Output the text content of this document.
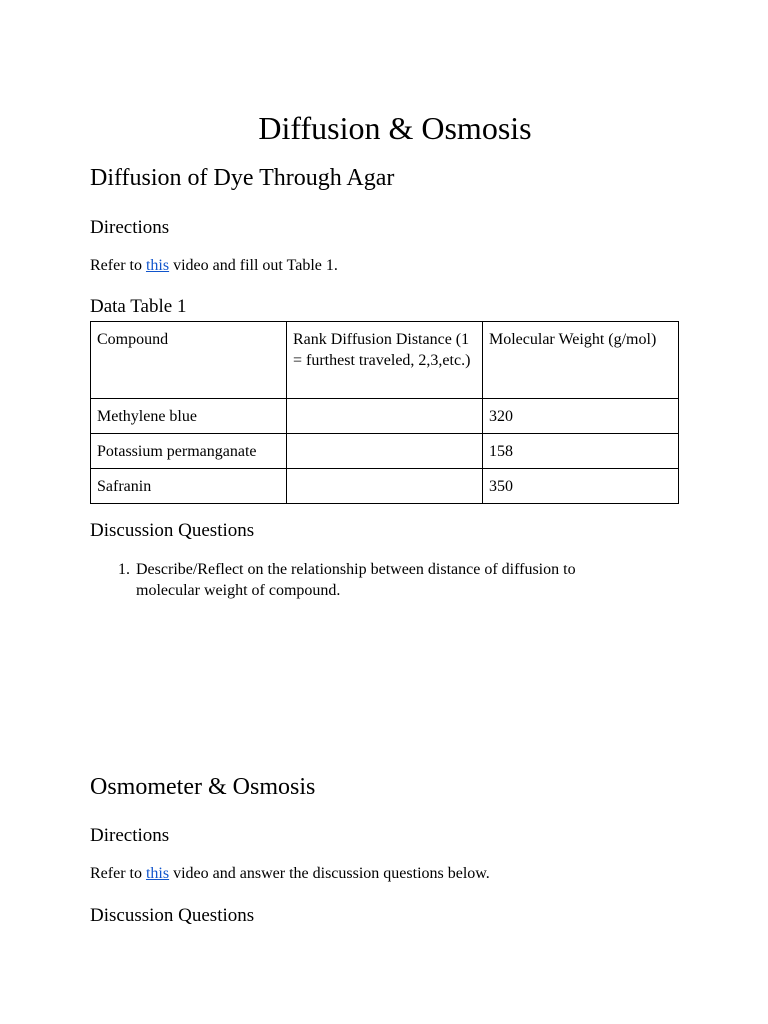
Diffusion & Osmosis
Diffusion of Dye Through Agar
Directions
Refer to this video and fill out Table 1.
Data Table 1
Compound	Rank Diffusion Distance (1 = furthest traveled, 2,3,etc.)	Molecular Weight (g/mol)
Methylene blue		320
Potassium permanganate		158
Safranin		350
Discussion Questions
1. Describe/Reflect on the relationship between distance of diffusion to molecular weight of compound.
Osmometer & Osmosis
Directions
Refer to this video and answer the discussion questions below.
Discussion Questions
